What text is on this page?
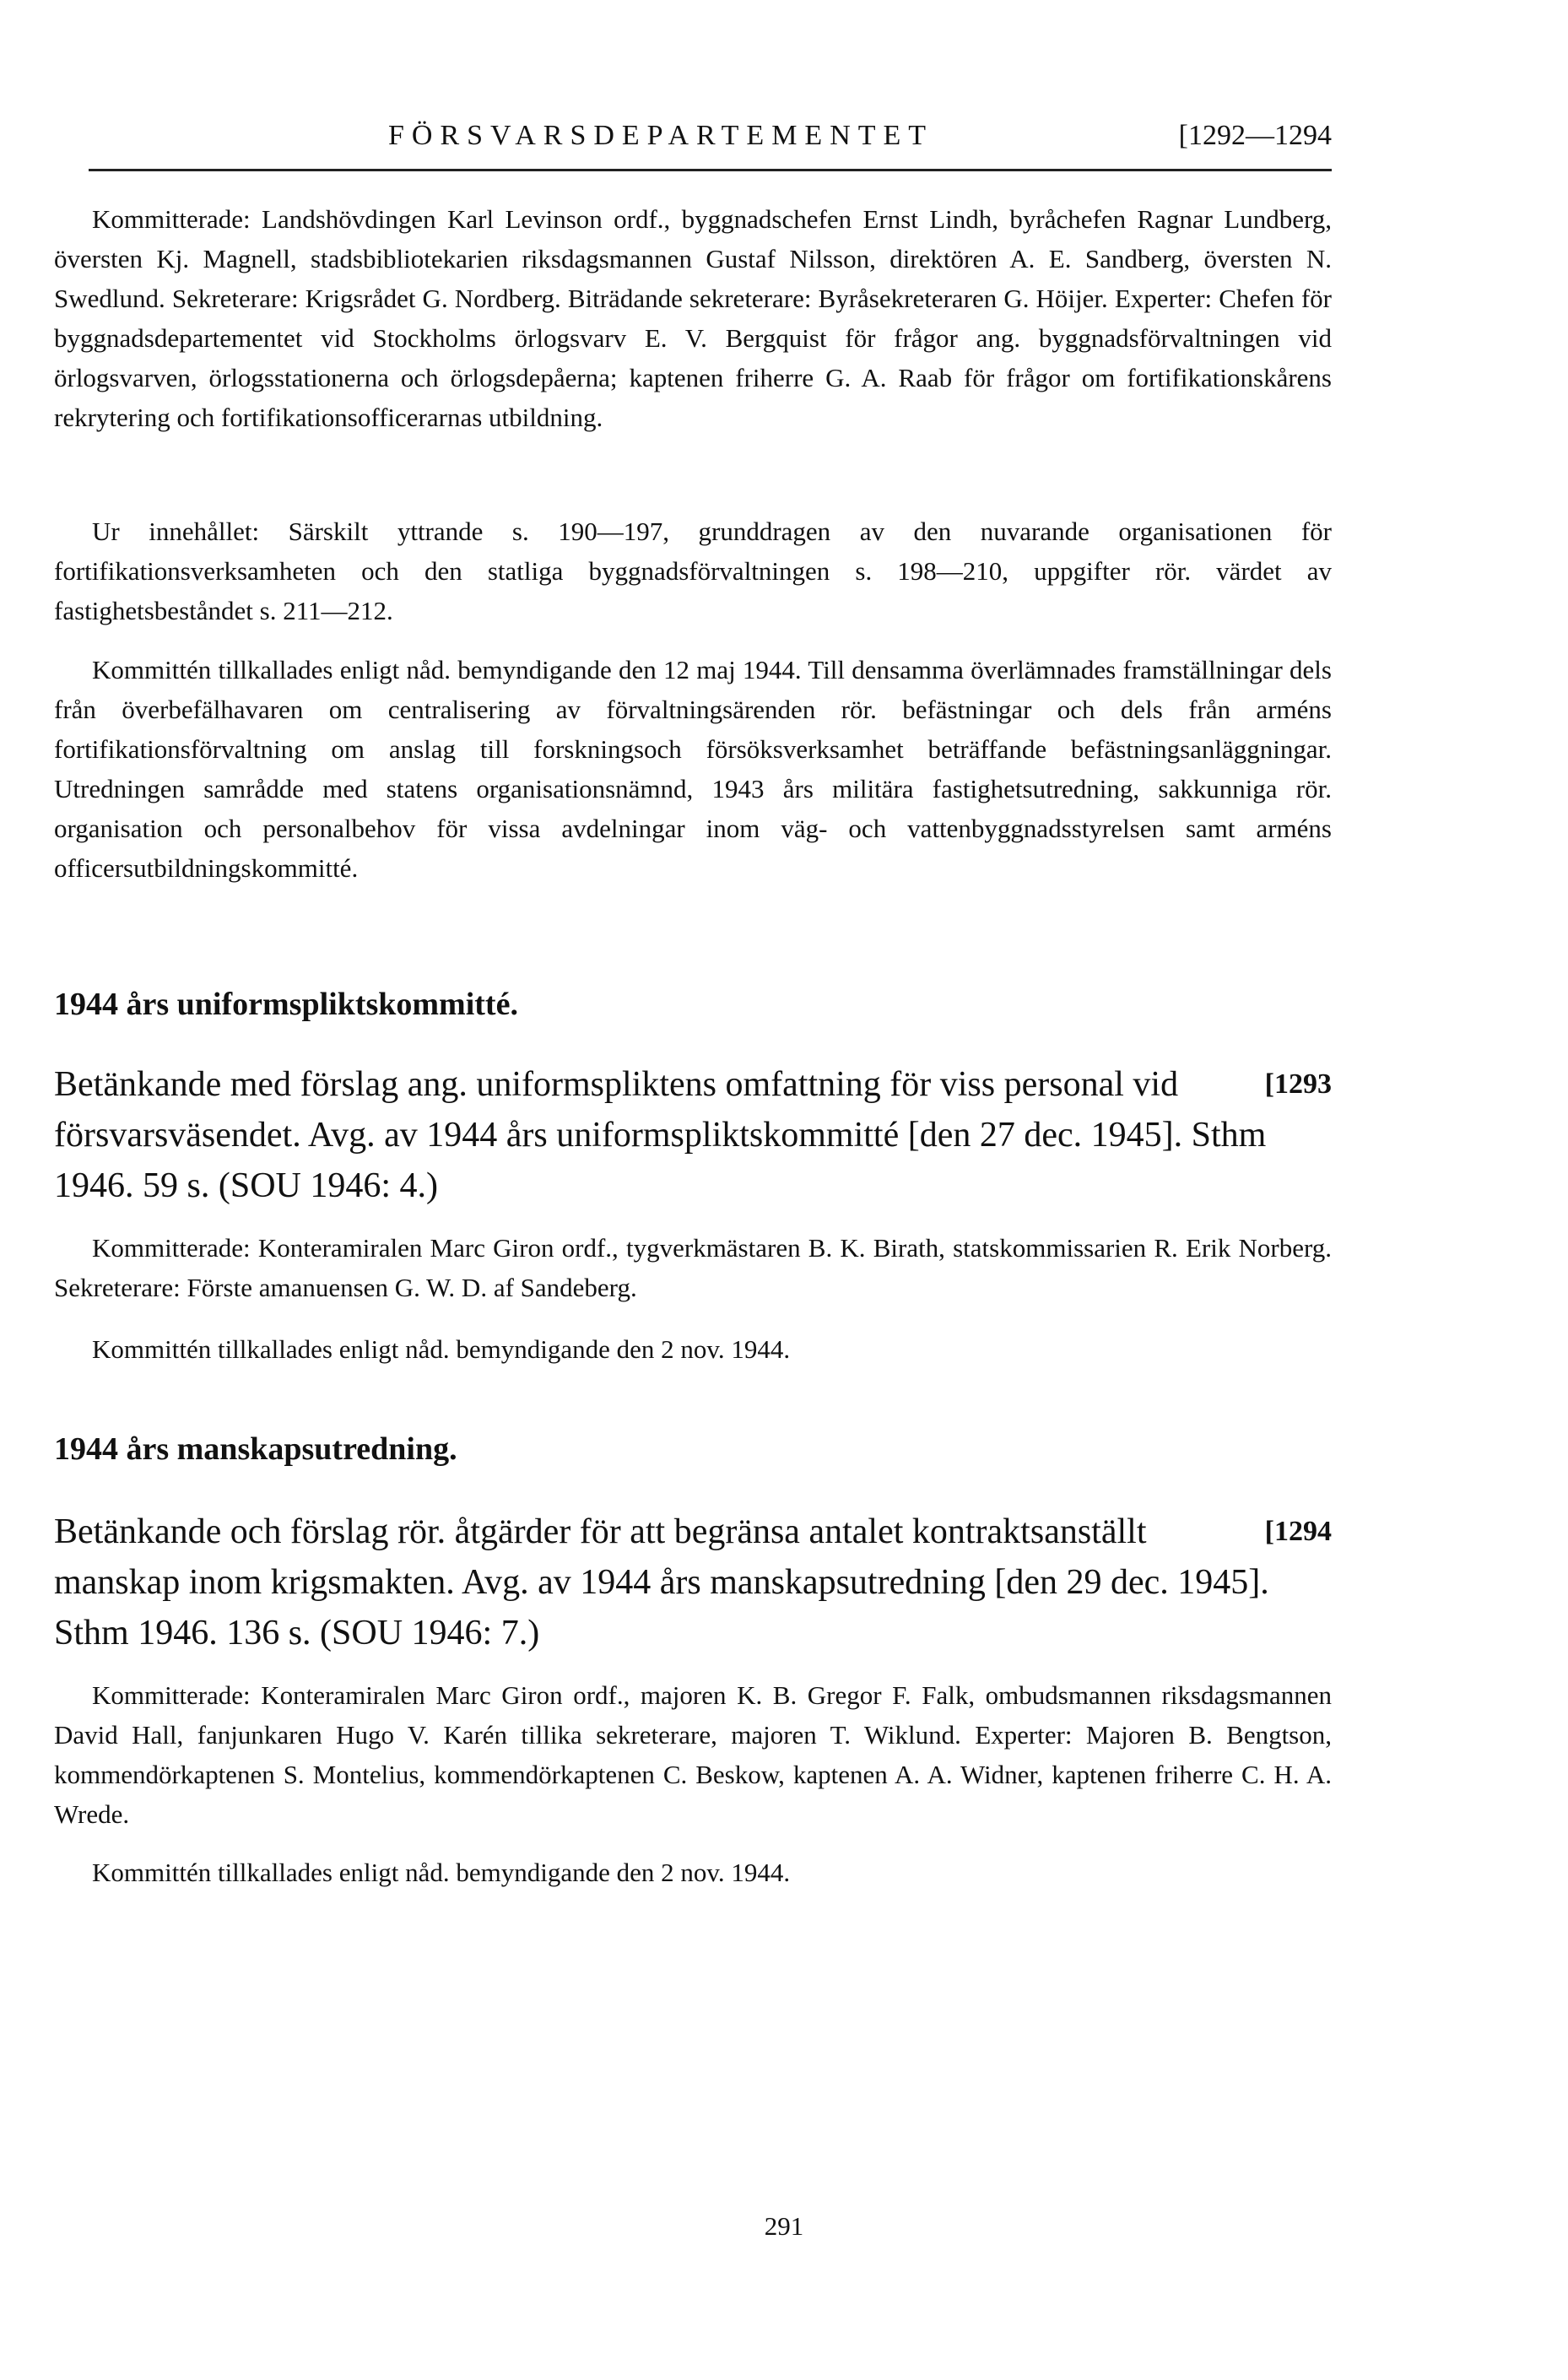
FÖRSVARSDEPARTEMENTET	[1292—1294

Kommitterade: Landshövdingen Karl Levinson ordf., byggnadschefen Ernst Lindh, byråchefen Ragnar Lundberg, översten Kj. Magnell, stadsbibliotekarien riksdagsmannen Gustaf Nilsson, direktören A. E. Sandberg, översten N. Swedlund. Sekreterare: Krigsrådet G. Nordberg. Biträdande sekreterare: Byråsekreteraren G. Höijer. Experter: Chefen för byggnadsdepartementet vid Stockholms örlogsvarv E. V. Bergquist för frågor ang. byggnadsförvaltningen vid örlogsvarven, örlogsstationerna och örlogsdepåerna; kaptenen friherre G. A. Raab för frågor om fortifikationskårens rekrytering och fortifikationsofficerarnas utbildning.

Ur innehållet: Särskilt yttrande s. 190—197, grunddragen av den nuvarande organisationen för fortifikationsverksamheten och den statliga byggnadsförvaltningen s. 198—210, uppgifter rör. värdet av fastighetsbeståndet s. 211—212.

Kommittén tillkallades enligt nåd. bemyndigande den 12 maj 1944. Till densamma överlämnades framställningar dels från överbefälhavaren om centralisering av förvaltningsärenden rör. befästningar och dels från arméns fortifikationsförvaltning om anslag till forskningsoch försöksverksamhet beträffande befästningsanläggningar. Utredningen samrådde med statens organisationsnämnd, 1943 års militära fastighetsutredning, sakkunniga rör. organisation och personalbehov för vissa avdelningar inom väg- och vattenbyggnadsstyrelsen samt arméns officersutbildningskommitté.

1944 års uniformspliktskommitté.
[1293
Betänkande med förslag ang. uniformspliktens omfattning för viss personal vid försvarsväsendet. Avg. av 1944 års uniformspliktskommitté [den 27 dec. 1945]. Sthm 1946. 59 s. (SOU 1946: 4.)

Kommitterade: Konteramiralen Marc Giron ordf., tygverkmästaren B. K. Birath, statskommissarien R. Erik Norberg. Sekreterare: Förste amanuensen G. W. D. af Sandeberg.

Kommittén tillkallades enligt nåd. bemyndigande den 2 nov. 1944.

1944 års manskapsutredning.
[1294
Betänkande och förslag rör. åtgärder för att begränsa antalet kontraktsanställt manskap inom krigsmakten. Avg. av 1944 års manskapsutredning [den 29 dec. 1945]. Sthm 1946. 136 s. (SOU 1946: 7.)

Kommitterade: Konteramiralen Marc Giron ordf., majoren K. B. Gregor F. Falk, ombudsmannen riksdagsmannen David Hall, fanjunkaren Hugo V. Karén tillika sekreterare, majoren T. Wiklund. Experter: Majoren B. Bengtson, kommendörkaptenen S. Montelius, kommendörkaptenen C. Beskow, kaptenen A. A. Widner, kaptenen friherre C. H. A. Wrede.

Kommittén tillkallades enligt nåd. bemyndigande den 2 nov. 1944.

291
